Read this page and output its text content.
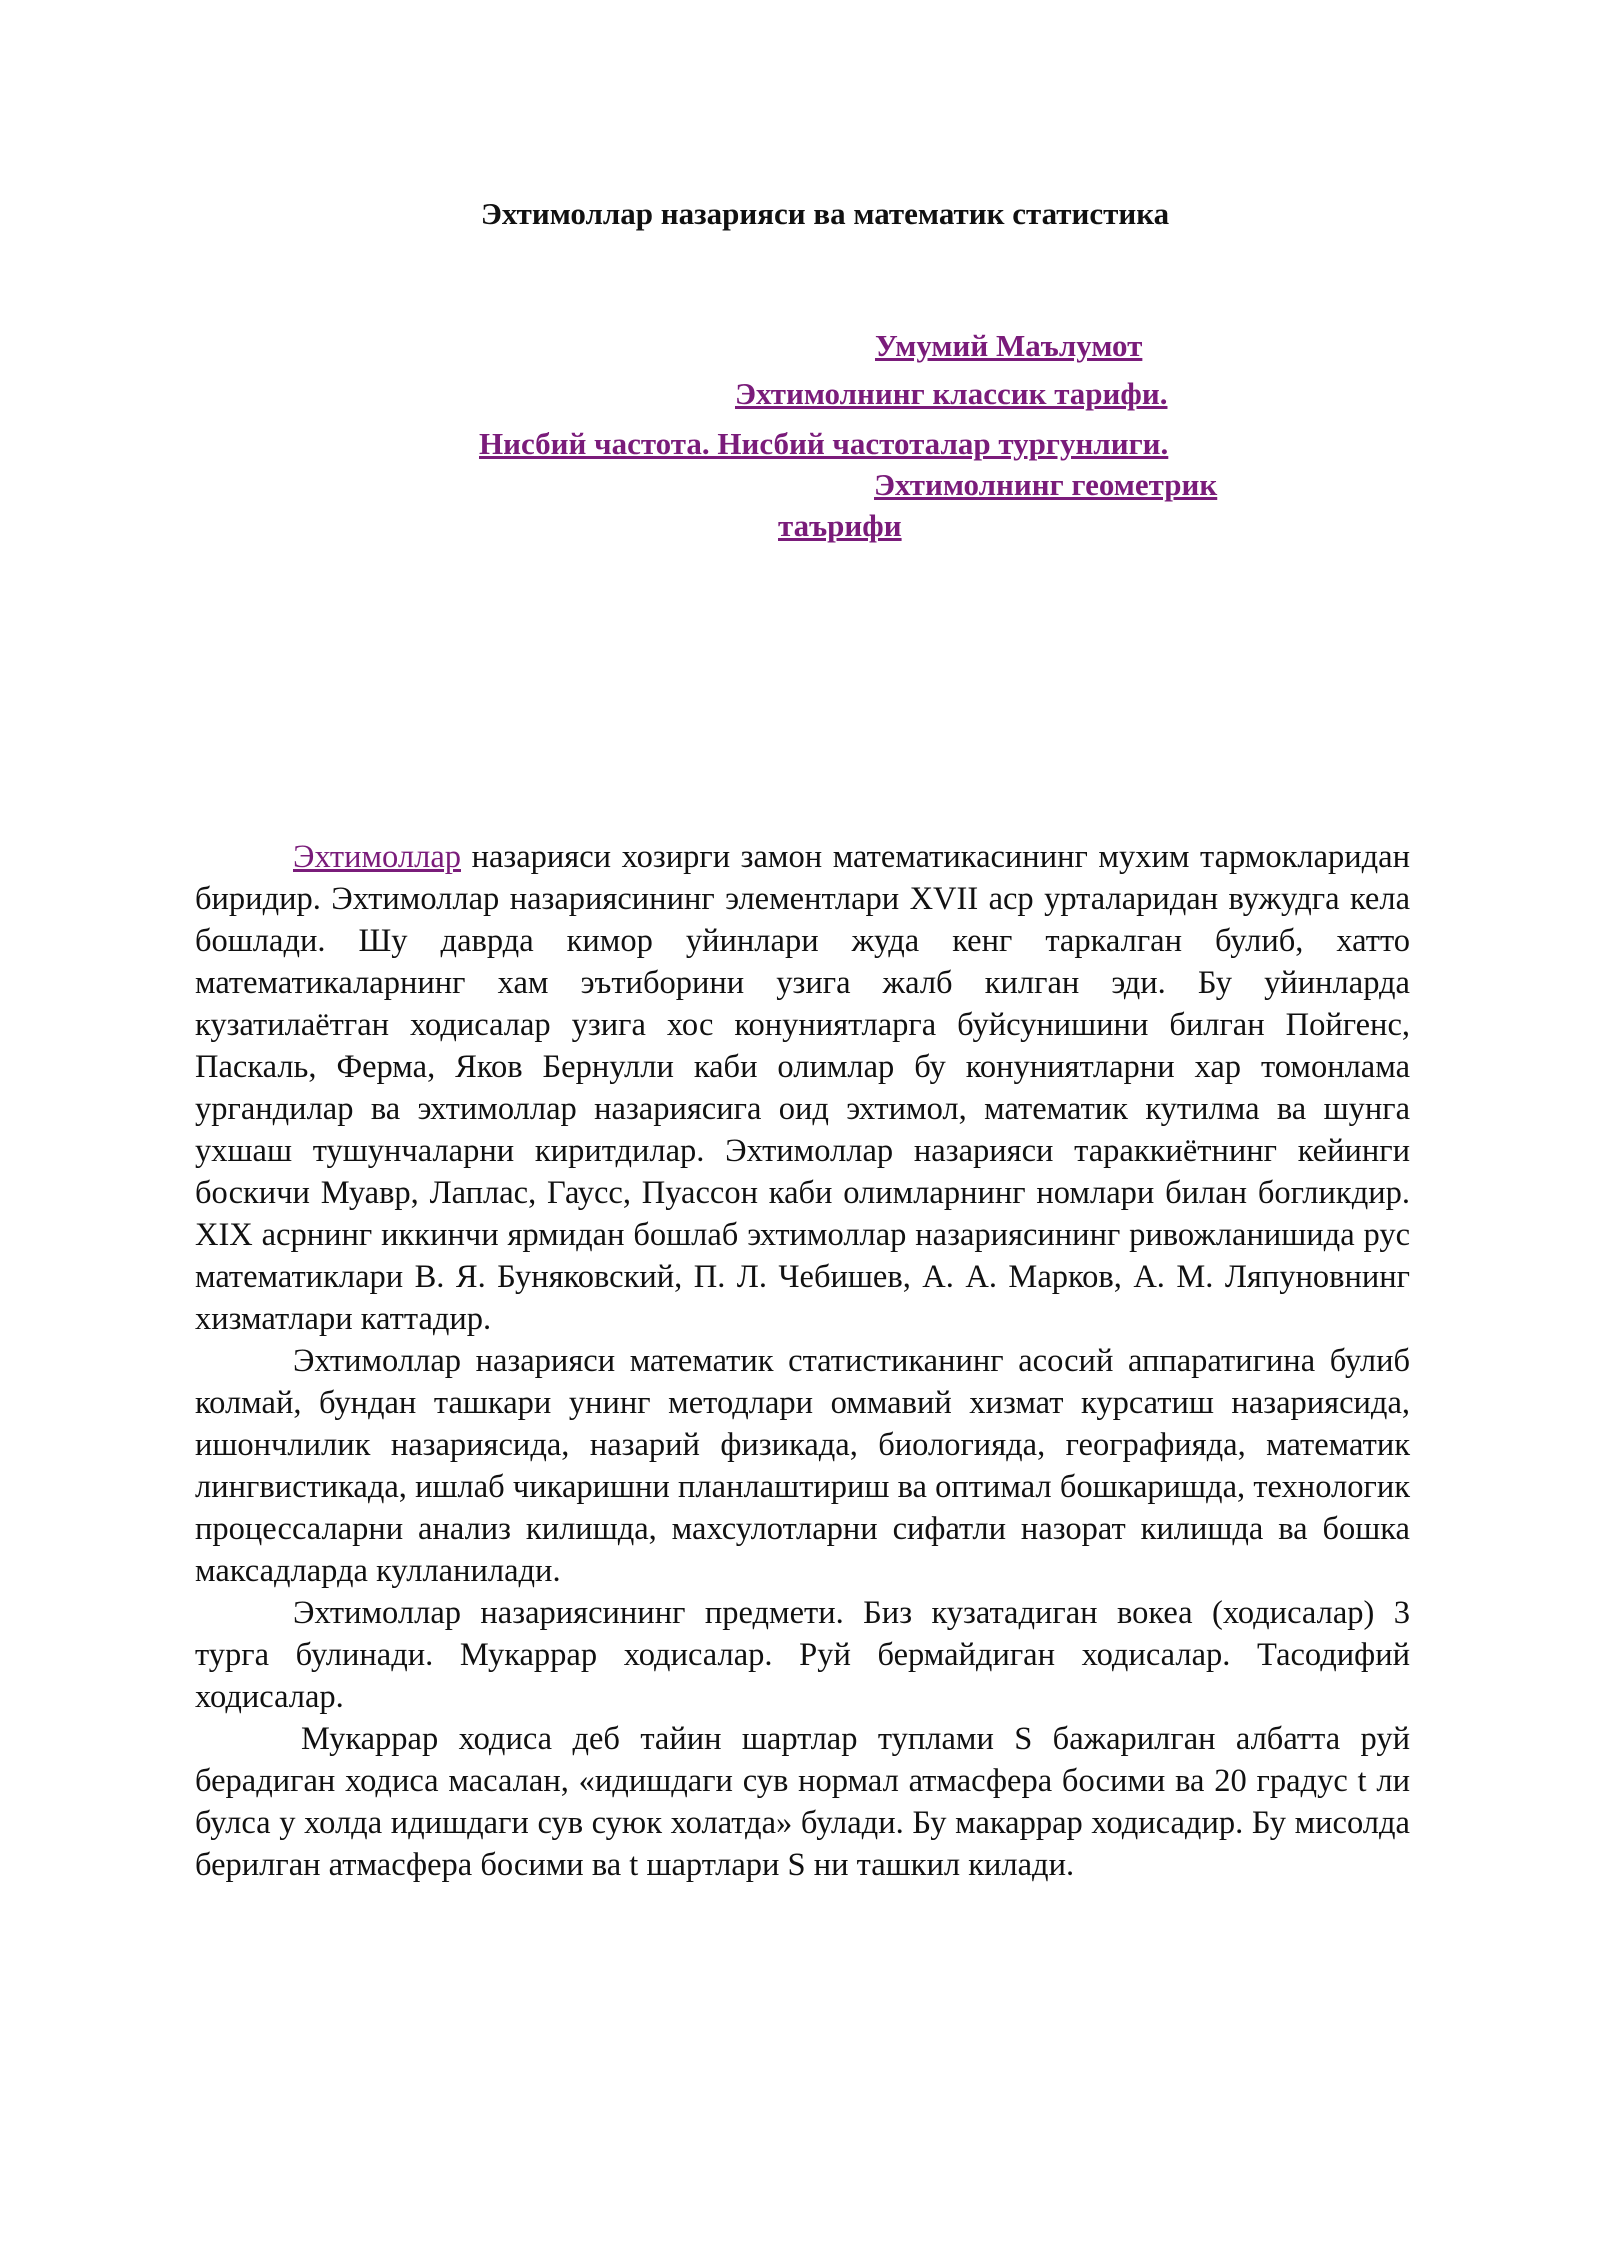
Эхтимоллар назарияси ва математик статистика
Умумий Маълумот
Эхтимолнинг классик тарифи.
Нисбий частота. Нисбий частоталар тургунлиги.
Эхтимолнинг геометрик
таърифи

Эхтимоллар назарияси хозирги замон математикасининг мухим тармокларидан биридир. Эхтимоллар назариясининг элементлари XVII аср урталаридан вужудга кела бошлади. Шу даврда кимор уйинлари жуда кенг таркалган булиб, хатто математикаларнинг хам эътиборини узига жалб килган эди. Бу уйинларда кузатилаётган ходисалар узига хос конуниятларга буйсунишини билган Пойгенс, Паскаль, Ферма, Яков Бернулли каби олимлар бу конуниятларни хар томонлама ургандилар ва эхтимоллар назариясига оид эхтимол, математик кутилма ва шунга ухшаш тушунчаларни киритдилар. Эхтимоллар назарияси тараккиётнинг кейинги боскичи Муавр, Лаплас, Гаусс, Пуассон каби олимларнинг номлари билан богликдир. XIX асрнинг иккинчи ярмидан бошлаб эхтимоллар назариясининг ривожланишида рус математиклари В. Я. Буняковский, П. Л. Чебишев, А. А. Марков, А. М. Ляпуновнинг хизматлари каттадир.

Эхтимоллар назарияси математик статистиканинг асосий аппаратигина булиб колмай, бундан ташкари унинг методлари оммавий хизмат курсатиш назариясида, ишончлилик назариясида, назарий физикада, биологияда, географияда, математик лингвистикада, ишлаб чикаришни планлаштириш ва оптимал бошкаришда, технологик процессаларни анализ килишда, махсулотларни сифатли назорат килишда ва бошка максадларда кулланилади.

Эхтимоллар назариясининг предмети. Биз кузатадиган вокеа (ходисалар) 3 турга булинади. Мукаррар ходисалар. Руй бермайдиган ходисалар. Тасодифий ходисалар.

Мукаррар ходиса деб тайин шартлар туплами S бажарилган албатта руй берадиган ходиса масалан, «идишдаги сув нормал атмасфера босими ва 20 градус t ли булса у холда идишдаги сув суюк холатда» булади. Бу макаррар ходисадир. Бу мисолда берилган атмасфера босими ва t шартлари S ни ташкил килади.
